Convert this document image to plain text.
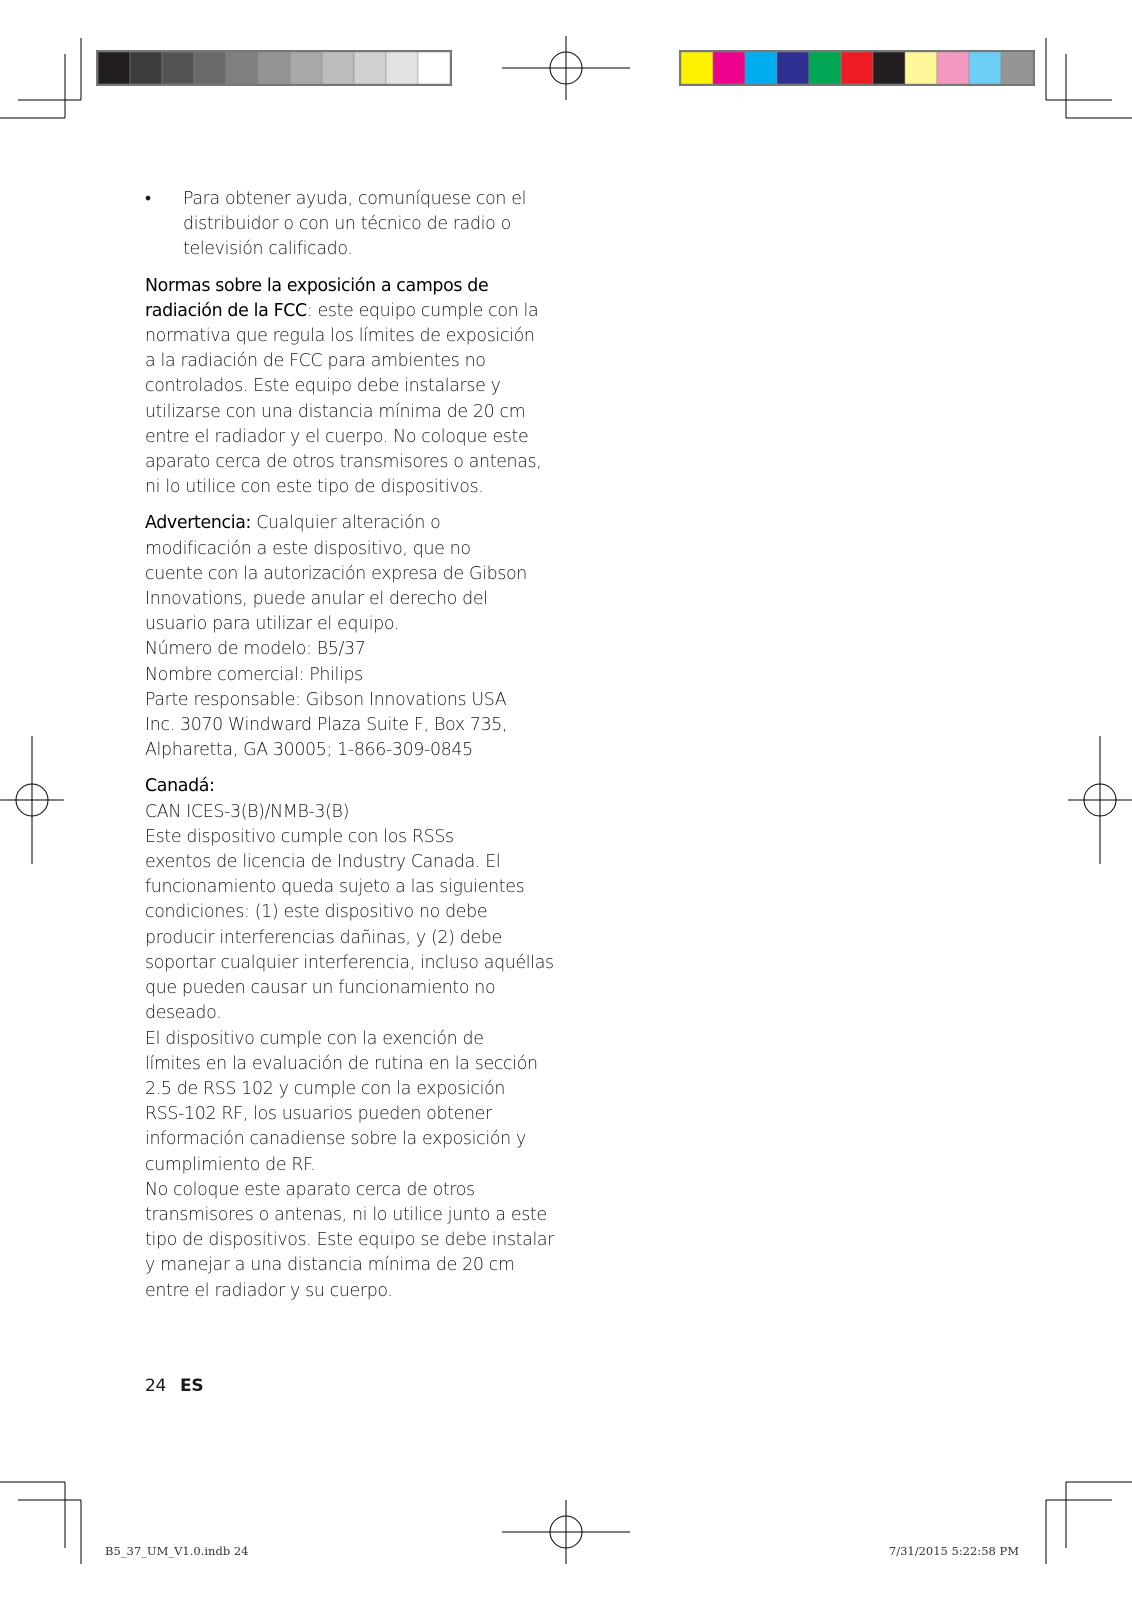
• Para obtener ayuda, comuníquese con el
distribuidor o con un técnico de radio o
televisión calificado.
Normas sobre la exposición a campos de
radiación de la FCC: este equipo cumple con la
normativa que regula los límites de exposición
a la radiación de FCC para ambientes no
controlados. Este equipo debe instalarse y
utilizarse con una distancia mínima de 20 cm
entre el radiador y el cuerpo. No coloque este
aparato cerca de otros transmisores o antenas,
ni lo utilice con este tipo de dispositivos.
Advertencia: Cualquier alteración o
modificación a este dispositivo, que no
cuente con la autorización expresa de Gibson
Innovations, puede anular el derecho del
usuario para utilizar el equipo.
Número de modelo: B5/37
Nombre comercial: Philips
Parte responsable: Gibson Innovations USA
Inc. 3070 Windward Plaza Suite F, Box 735,
Alpharetta, GA 30005; 1-866-309-0845
Canadá:
CAN ICES-3(B)/NMB-3(B)
Este dispositivo cumple con los RSSs
exentos de licencia de Industry Canada. El
funcionamiento queda sujeto a las siguientes
condiciones: (1) este dispositivo no debe
producir interferencias dañinas, y (2) debe
soportar cualquier interferencia, incluso aquéllas
que pueden causar un funcionamiento no
deseado.
El dispositivo cumple con la exención de
límites en la evaluación de rutina en la sección
2.5 de RSS 102 y cumple con la exposición
RSS-102 RF, los usuarios pueden obtener
información canadiense sobre la exposición y
cumplimiento de RF.
No coloque este aparato cerca de otros
transmisores o antenas, ni lo utilice junto a este
tipo de dispositivos. Este equipo se debe instalar
y manejar a una distancia mínima de 20 cm
entre el radiador y su cuerpo.
24 ES
B5_37_UM_V1.0.indb 24	7/31/2015 5:22:58 PM
